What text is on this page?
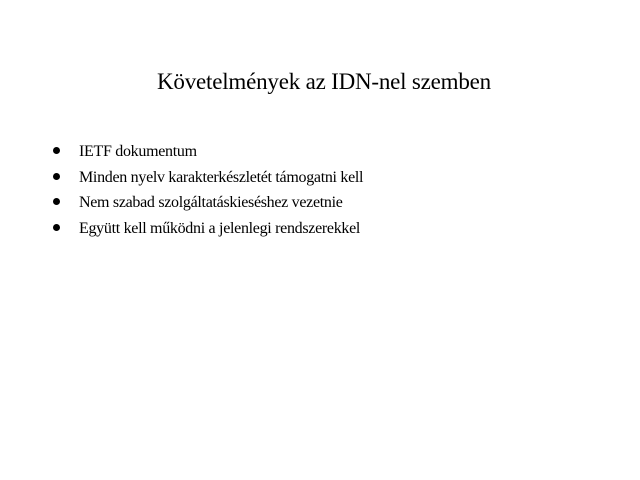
Követelmények az IDN-nel szemben
IETF dokumentum
Minden nyelv karakterkészletét támogatni kell
Nem szabad szolgáltatáskieséshez vezetnie
Együtt kell működni a jelenlegi rendszerekkel
